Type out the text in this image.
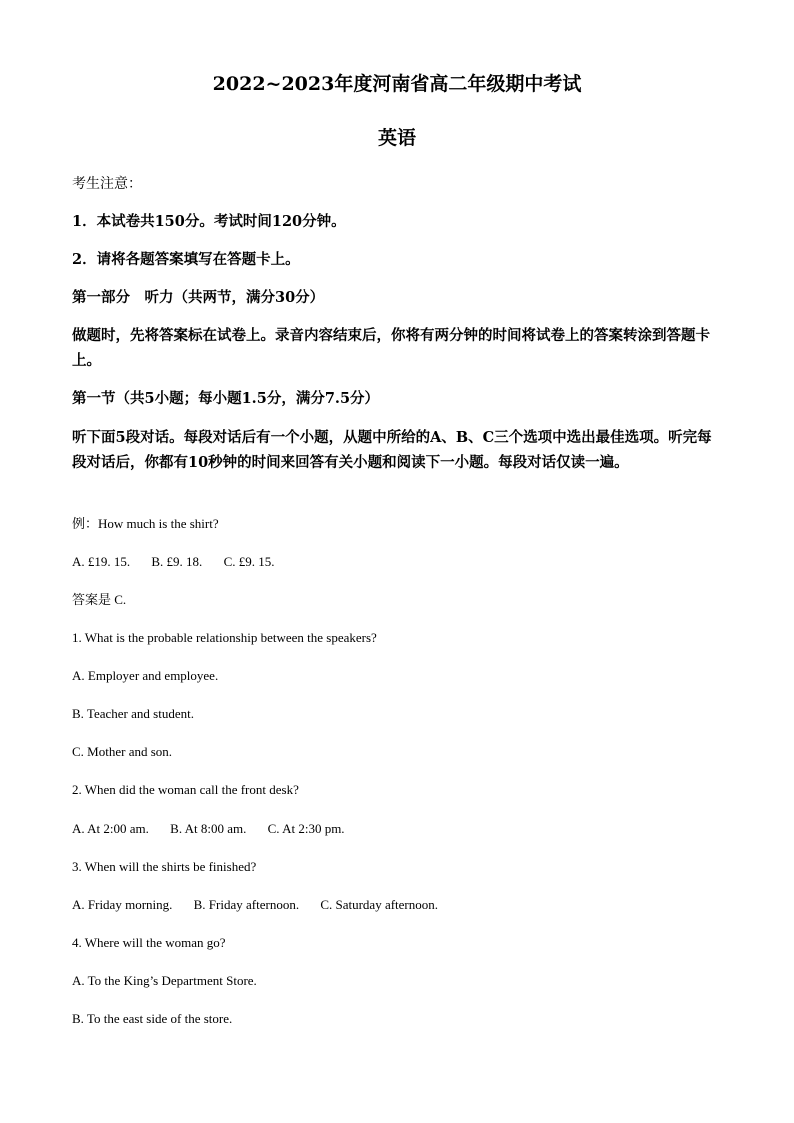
2022~2023年度河南省高二年级期中考试
英语
考生注意：
1．本试卷共150分。考试时间120分钟。
2．请将各题答案填写在答题卡上。
第一部分　听力（共两节，满分30分）
做题时，先将答案标在试卷上。录音内容结束后，你将有两分钟的时间将试卷上的答案转涂到答题卡上。
第一节（共5小题；每小题1.5分，满分7.5分）
听下面5段对话。每段对话后有一个小题，从题中所给的A、B、C三个选项中选出最佳选项。听完每段对话后，你都有10秒钟的时间来回答有关小题和阅读下一小题。每段对话仅读一遍。
例：How much is the shirt?
A. £19. 15. B. £9. 18. C. £9. 15.
答案是 C.
1. What is the probable relationship between the speakers?
A. Employer and employee.
B. Teacher and student.
C. Mother and son.
2. When did the woman call the front desk?
A. At 2:00 am. B. At 8:00 am. C. At 2:30 pm.
3. When will the shirts be finished?
A. Friday morning. B. Friday afternoon. C. Saturday afternoon.
4. Where will the woman go?
A. To the King’s Department Store.
B. To the east side of the store.
